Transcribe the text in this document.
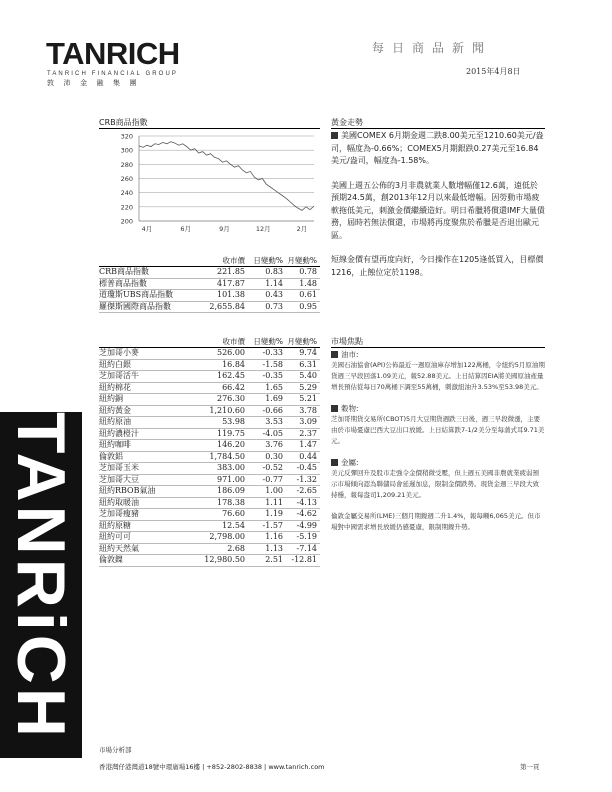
TANRICH
TANRICH FINANCIAL GROUP
敦沛金融集團
每日商品新聞
2015年4月8日
TANRiCH
CRB商品指數
200
220
240
260
280
300
320
4月	6月	9月	12月	2月
收市價	日變動% 月變動%
CRB商品指數	221.85	0.83	0.78
標普商品指數	417.87	1.14	1.48
道瓊斯UBS商品指數	101.38	0.43	0.61
羅傑斯國際商品指數	2,655.84	0.73	0.95
收市價	日變動% 月變動%
芝加哥小麥	526.00	-0.33	9.74
紐約白銀	16.84	-1.58	6.31
芝加哥活牛	162.45	-0.35	5.40
紐約棉花	66.42	1.65	5.29
紐約銅	276.30	1.69	5.21
紐約黃金	1,210.60	-0.66	3.78
紐約原油	53.98	3.53	3.09
紐約濃橙汁	119.75	-4.05	2.37
紐約咖啡	146.20	3.76	1.47
倫敦鋁	1,784.50	0.30	0.44
芝加哥玉米	383.00	-0.52	-0.45
芝加哥大豆	971.00	-0.77	-1.32
紐約RBOB氣油	186.09	1.00	-2.65
紐約取暖油	178.38	1.11	-4.13
芝加哥瘦豬	76.60	1.19	-4.62
紐約原糖	12.54	-1.57	-4.99
紐約可可	2,798.00	1.16	-5.19
紐約天然氣	2.68	1.13	-7.14
倫敦鎳	12,980.50	2.51	-12.81
黃金走勢
美國COMEX 6月期金週二跌8.00美元至1210.60美元/盎司，幅度為-0.66%；COMEX5月期銀跌0.27美元至16.84美元/盎司，幅度為-1.58%。
美國上週五公佈的3月非農就業人數增幅僅12.6萬，遠低於預期24.5萬，創2013年12月以來最低增幅。因勞動市場疲軟拖低美元，刺激金價繼續造好。明日希臘將償還IMF大量債務，屆時若無法償還，市場將再度聚焦於希臘是否退出歐元區。
短線金價有望再度向好，今日操作在1205逢低買入，目標價1216，止蝕位定於1198。
市場焦點
油市:
美國石油協會(API)公佈最近一週原油庫存增加122萬桶，令紐約5月原油期貨週三早段回落1.09美元，報52.88美元。上日結算因EIA將美國原油產量增長預估從每日70萬桶下調至55萬桶，刺激紐油升3.53%至53.98美元。
穀物:
芝加哥期貨交易所(CBOT)5月大豆期貨週跌三日後，週三早段微漲，主要由於市場憂慮巴西大豆出口放緩。上日結算跌7-1/2美分至每蒲式耳9.71美元。
金屬:
美元反彈回升及股市走強令金價稍微受壓，但上週五美國非農就業疲弱預示市場傾向認為聯儲局會延遲加息，限制金價跌勢。現貨金週三早段大致持穩，報每盎司1,209.21美元。
倫敦金屬交易所(LME)三個月期鎳週二升1.4%，報每噸6,065美元。但市場對中國需求增長放緩仍感憂慮，限制期鎳升勢。
市場分析部
香港灣仔港灣道18號中環廣場16樓 | +852-2802-8838 | www.tanrich.com	第一頁
